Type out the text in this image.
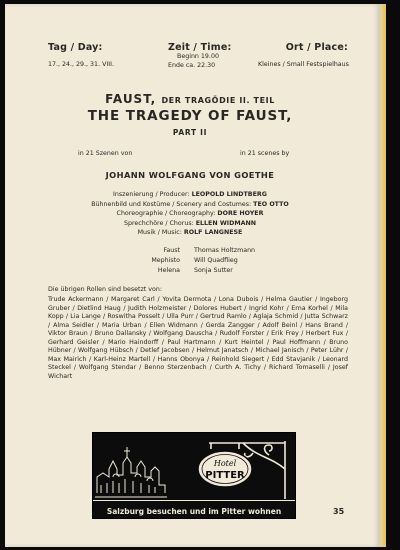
Tag / Day:
17., 24., 29., 31. VIII.
Zeit / Time:
Beginn 19.00
Ende ca. 22.30
Ort / Place:
Kleines / Small Festspielhaus
FAUST, DER TRAGÖDIE II. TEIL
THE TRAGEDY OF FAUST,
PART II
in 21 Szenen von	in 21 scenes by
JOHANN WOLFGANG VON GOETHE
Inszenierung / Producer: LEOPOLD LINDTBERG
Bühnenbild und Kostüme / Scenery and Costumes: TEO OTTO
Choreographie / Choreography: DORE HOYER
Sprechchöre / Chorus: ELLEN WIDMANN
Musik / Music: ROLF LANGNESE
Faust Thomas Holtzmann
Mephisto Will Quadflieg
Helena Sonja Sutter
Die übrigen Rollen sind besetzt von:
Trude Ackermann / Margaret Carl / Yovita Dermota / Lona Dubois / Helma Gautier / Ingeborg Gruber / Dietlind Haug / Judith Holzmeister / Dolores Hubert / Ingrid Kohr / Erna Korhel / Mila Kopp / Lia Lange / Roswitha Posselt / Ulla Purr / Gertrud Ramlo / Aglaja Schmid / Jutta Schwarz / Alma Seidler / Maria Urban / Ellen Widmann / Gerda Zangger / Adolf Beinl / Hans Brand / Viktor Braun / Bruno Dallansky / Wolfgang Dauscha / Rudolf Forster / Erik Frey / Herbert Fux / Gerhard Geisler / Mario Haindorff / Paul Hartmann / Kurt Heintel / Paul Hoffmann / Bruno Hübner / Wolfgang Hübsch / Detlef Jacobsen / Helmut Janatsch / Michael Janisch / Peter Lühr / Max Mairich / Karl-Heinz Martell / Hanns Obonya / Reinhold Siegert / Edd Stavjanik / Leonard Steckel / Wolfgang Stendar / Benno Sterzenbach / Curth A. Tichy / Richard Tomaselli / Josef Wichart
Hotel
PITTER
Salzburg besuchen und im Pitter wohnen	35
